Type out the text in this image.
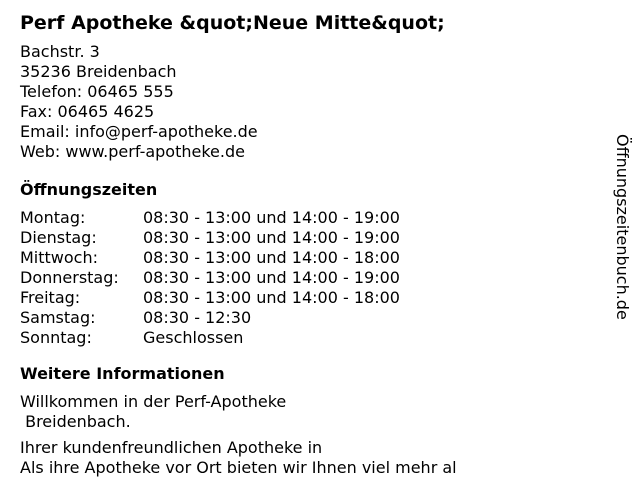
Perf Apotheke &quot;Neue Mitte&quot;
Bachstr. 3
35236 Breidenbach
Telefon: 06465 555
Fax: 06465 4625
Email: info@perf-apotheke.de
Web: www.perf-apotheke.de
Öffnungszeiten
Montag:	08:30 - 13:00 und 14:00 - 19:00
Dienstag:	08:30 - 13:00 und 14:00 - 19:00
Mittwoch:	08:30 - 13:00 und 14:00 - 18:00
Donnerstag:	08:30 - 13:00 und 14:00 - 19:00
Freitag:	08:30 - 13:00 und 14:00 - 18:00
Samstag:	08:30 - 12:30
Sonntag:	Geschlossen
Weitere Informationen
Willkommen in der Perf-Apotheke
Breidenbach.
Ihrer kundenfreundlichen Apotheke in
Als ihre Apotheke vor Ort bieten wir Ihnen viel mehr al
Öffnungszeitenbuch.de
